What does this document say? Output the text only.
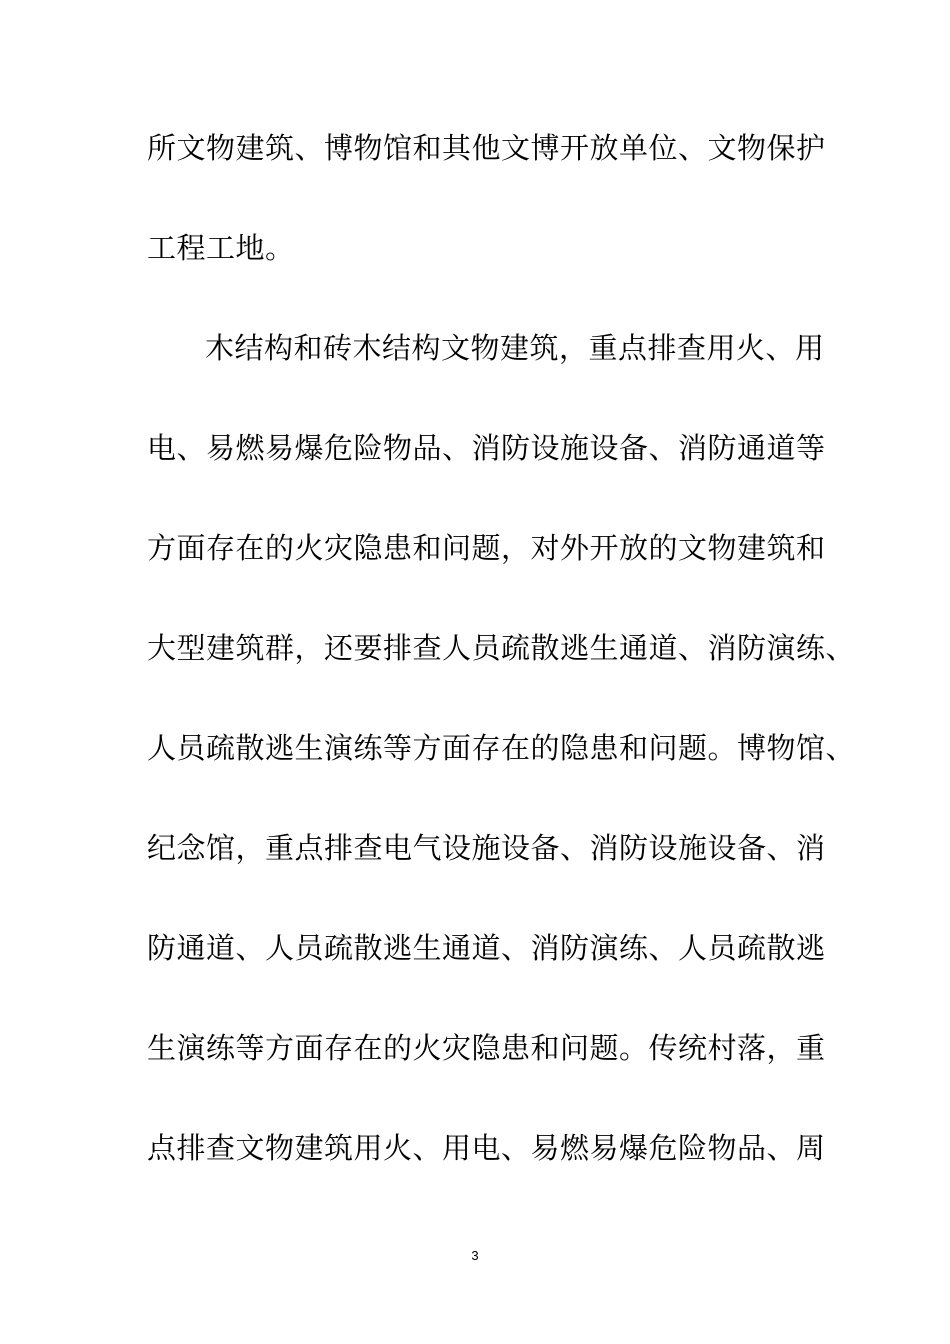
所文物建筑、博物馆和其他文博开放单位、文物保护
工程工地。
木结构和砖木结构文物建筑，重点排查用火、用
电、易燃易爆危险物品、消防设施设备、消防通道等
方面存在的火灾隐患和问题，对外开放的文物建筑和
大型建筑群，还要排查人员疏散逃生通道、消防演练、
人员疏散逃生演练等方面存在的隐患和问题。博物馆、
纪念馆，重点排查电气设施设备、消防设施设备、消
防通道、人员疏散逃生通道、消防演练、人员疏散逃
生演练等方面存在的火灾隐患和问题。传统村落，重
点排查文物建筑用火、用电、易燃易爆危险物品、周
3
